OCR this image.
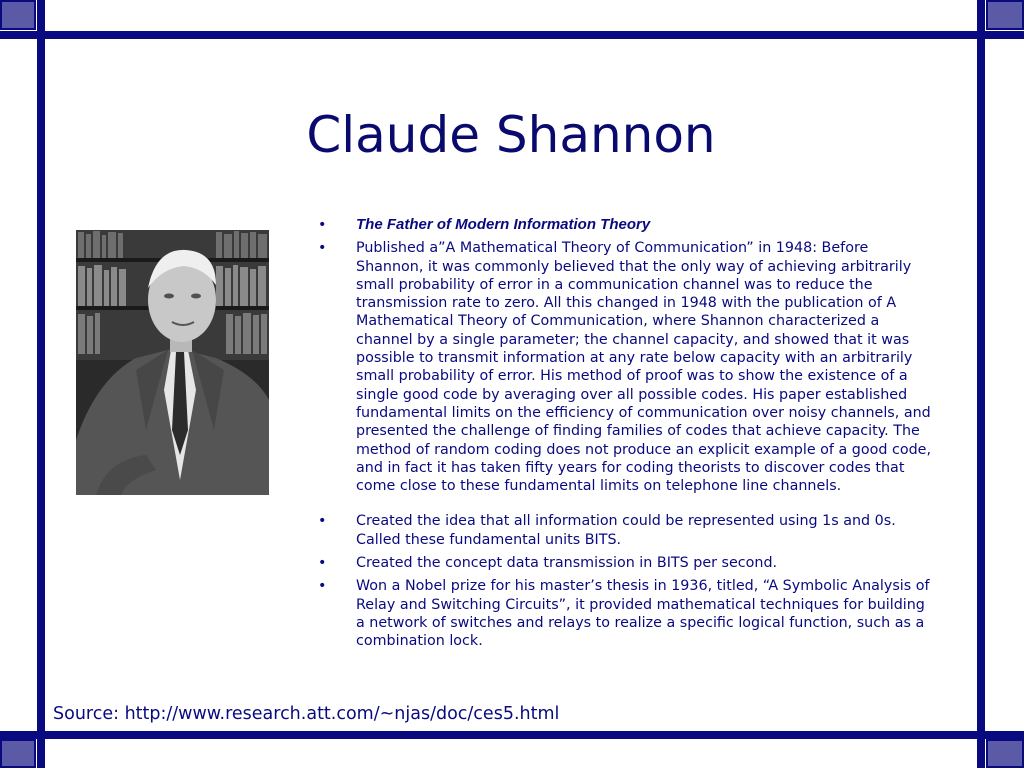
Claude Shannon
• The Father of Modern Information Theory
• Published a”A Mathematical Theory of Communication” in 1948: Before Shannon, it was commonly believed that the only way of achieving arbitrarily small probability of error in a communication channel was to reduce the transmission rate to zero. All this changed in 1948 with the publication of A Mathematical Theory of Communication, where Shannon characterized a channel by a single parameter; the channel capacity, and showed that it was possible to transmit information at any rate below capacity with an arbitrarily small probability of error. His method of proof was to show the existence of a single good code by averaging over all possible codes. His paper established fundamental limits on the efficiency of communication over noisy channels, and presented the challenge of finding families of codes that achieve capacity. The method of random coding does not produce an explicit example of a good code, and in fact it has taken fifty years for coding theorists to discover codes that come close to these fundamental limits on telephone line channels.
• Created the idea that all information could be represented using 1s and 0s. Called these fundamental units BITS.
• Created the concept data transmission in BITS per second.
• Won a Nobel prize for his master’s thesis in 1936, titled, “A Symbolic Analysis of Relay and Switching Circuits”, it provided mathematical techniques for building a network of switches and relays to realize a specific logical function, such as a combination lock.
Source: http://www.research.att.com/~njas/doc/ces5.html
